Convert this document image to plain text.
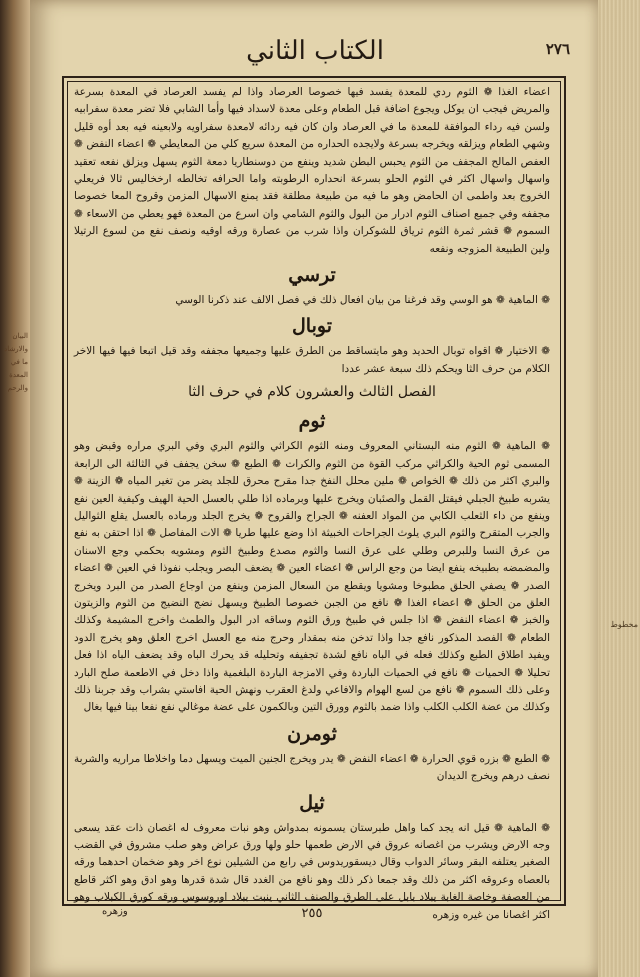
البيان والارشاد ما في المعدة والرحم
مخطوط
٢٧٦
الكتاب الثاني
اعضاء الغذا ❁ الثوم ردي للمعدة يفسد فيها خصوصا العرصاد واذا لم يفسد العرصاد في المعدة بسرعة والمريض فيجب ان يوكل ويجوع اضافة قبل الطعام وعلى معدة لاسداد فيها وأما الشابي فلا تضر معدة سفرابيه ولسن فيه رداء الموافقة للمعدة ما في العرصاد وان كان فيه ردائه لامعدة سفراويه ولابعينه فيه بعد أوه قليل وشهي الطعام ويزلقه ويخرجه بسرعة ولايجده الحداره من المعدة سريع كلي من المعايطي ❁ اعضاء النفض ❁ العفص المالح المجفف من الثوم يحبس البطن شديد وينفع من دوسنطاريا دمعة الثوم يسهل ويزلق نفعه تعقيد واسهال واسهال اكثر في الثوم الحلو بسرعة انحداره الرطوبته واما الحرافه تخالطه ارخخاليس ثالا فريعلي الخروج بعد واطمى ان الحامض وهو ما فيه من طبيعة مطلقة فقد يمنع الاسهال المزمن وقروح المعا خصوصا مجففه وفي جميع اصناف الثوم ادرار من البول والثوم الشامي وان اسرع من المعدة فهو يعطي من الاسعاء ❁ السموم ❁ قشر ثمرة الثوم ترياق للشوكران واذا شرب من عصارة ورقه اوقيه ونصف نفع من لسوع الرتيلا ولين الطبيعة المزوجه ونفعه
ترسي
❁ الماهية ❁ هو الوسي وقد فرغنا من بيان افعال ذلك في فصل الالف عند ذكرنا الوسي
توبال
❁ الاختيار ❁ اقواه توبال الحديد وهو مايتساقط من الطرق عليها وجميعها مجففه وقد قيل اتبعا فيها فيها الاخر الكلام من حرف الثا ويحكم ذلك سبعة عشر عددا
الفصل الثالث والعشرون كلام في حرف الثا
ثوم
❁ الماهية ❁ الثوم منه البستاني المعروف ومنه الثوم الكراثي والثوم البري وفي البري مراره وقبض وهو المسمى ثوم الحية والكراثي مركب القوة من الثوم والكرات ❁ الطبع ❁ سخن يجفف في الثالثة الى الرابعة والبري اكثر من ذلك ❁ الخواص ❁ ملين محلل النفخ جدا مقرح محرق للجلد يضر من تغير المياه ❁ الزينة ❁ يشربه طبيخ الجبلي فيقتل القمل والصئبان ويخرج عليها وبرماده اذا طلي بالعسل الحية الهيف وكيفية العين نفع وينفع من داء الثعلب الكابي من المواد العفنه ❁ الجراح والقروح ❁ يخرج الجلد ورماده بالعسل يقلع الثواليل والجرب المتقرح والثوم البري يلوث الجراحات الخبيثة اذا وضع عليها طريا ❁ الات المفاصل ❁ اذا احتقن به نفع من عرق النسا وللبرص وطلي على عرق النسا والثوم مصدع وطبيخ الثوم ومشويه بحكمي وجع الاسنان والمضمضه بطبيخه ينفع ايضا من وجع الراس ❁ اعضاء العين ❁ يضعف البصر ويجلب نفوذا في العين ❁ اعضاء الصدر ❁ يصفي الحلق مطبوخا ومشويا ويقطع من السعال المزمن وينفع من اوجاع الصدر من البرد ويخرج العلق من الحلق ❁ اعضاء الغذا ❁ نافع من الجبن خصوصا الطبيخ ويسهل نضج النضيج من الثوم والزيتون والخبز ❁ اعضاء النفض ❁ اذا جلس في طبيخ ورق الثوم وساقه ادر البول والطمث واخرج المشيمة وكذلك الطعام ❁ الفصد المذكور نافع جدا واذا تدخن منه بمقدار وحرج منه مع العسل اخرج العلق وهو يخرج الدود ويفيد اطلاق الطبع وكذلك فعله في الباه نافع لشدة تجفيفه وتحليله قد يحرك الباه وقد يضعف الباه اذا فعل تحليلا ❁ الحميات ❁ نافع في الحميات الباردة وفي الامزجة الباردة البلغمية واذا دخل في الاطعمة صلح البارد وعلى ذلك السموم ❁ نافع من لسع الهوام والافاعي ولدغ العقرب ونهش الحية افاستي بشراب وقد جربنا ذلك وكذلك من عضة الكلب الكلب واذا ضمد بالثوم وورق التين وبالكمون على عضة موغالي نفع نفعا بينا فيها بغال
ثومرن
❁ الطبع ❁ بزره قوي الحرارة ❁ اعضاء النفض ❁ يدر ويخرج الجنين الميت ويسهل دما واخلاطا مراريه والشربة نصف درهم ويخرج الديدان
ثيل
❁ الماهية ❁ قيل انه يجد كما واهل طبرستان يسمونه بمدواش وهو نبات معروف له اغصان ذات عقد يسعى وجه الارض ويشرب من اغصانه عروق في الارض طعمها حلو ولها ورق عراض وهو صلب مشروق في القضب الصغير يعتلفه البقر وسائر الدواب وقال ديسقوريدوس في رابع من الشيلين نوع اخر وهو ضخمان احدهما ورقه بالعصاه وعروقه اكثر من ذلك وقد جمعا ذكر ذلك وهو نافع من الغدد قال شدة قدرها وهو ادق وهو اكثر قاطع من العصفة وخاصة الغابة يبلاد بابل على الطرق والصنف الثاني ينبت ببلاد اوروسوس ورقه كورق الكبلاب وهو اكثر اغصانا من غيره وزهره
٢٥٥
وزهره
